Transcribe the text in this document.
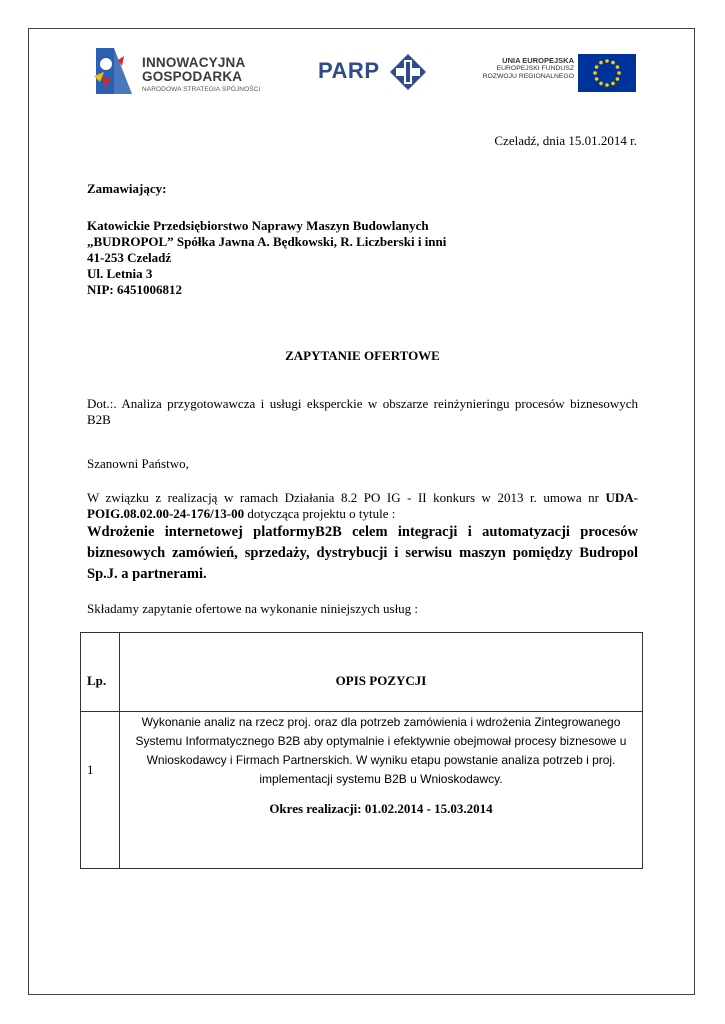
INNOWACYJNA
GOSPODARKA
NARODOWA STRATEGIA SPÓJNOŚCI
PARP	UNIA EUROPEJSKA
EUROPEJSKI FUNDUSZ
ROZWOJU REGIONALNEGO
Czeladź, dnia 15.01.2014 r.
Zamawiający:
Katowickie Przedsiębiorstwo Naprawy Maszyn Budowlanych
„BUDROPOL” Spółka Jawna A. Będkowski, R. Liczberski i inni
41-253 Czeladź
Ul. Letnia 3
NIP: 6451006812
ZAPYTANIE OFERTOWE
Dot.:. Analiza przygotowawcza i usługi eksperckie w obszarze reinżynieringu procesów biznesowych B2B
Szanowni Państwo,
W związku z realizacją w ramach Działania 8.2 PO IG - II konkurs w 2013 r. umowa nr UDA-POIG.08.02.00-24-176/13-00 dotycząca projektu o tytule :
Wdrożenie internetowej platformyB2B celem integracji i automatyzacji procesów biznesowych zamówień, sprzedaży, dystrybucji i serwisu maszyn pomiędzy Budropol Sp.J. a partnerami.
Składamy zapytanie ofertowe na wykonanie niniejszych usług :
Lp.	OPIS POZYCJI
1	Wykonanie analiz na rzecz proj. oraz dla potrzeb zamówienia i wdrożenia Zintegrowanego Systemu Informatycznego B2B aby optymalnie i efektywnie obejmował procesy biznesowe u Wnioskodawcy i Firmach Partnerskich. W wyniku etapu powstanie analiza potrzeb i proj. implementacji systemu B2B u Wnioskodawcy.
Okres realizacji: 01.02.2014 - 15.03.2014
